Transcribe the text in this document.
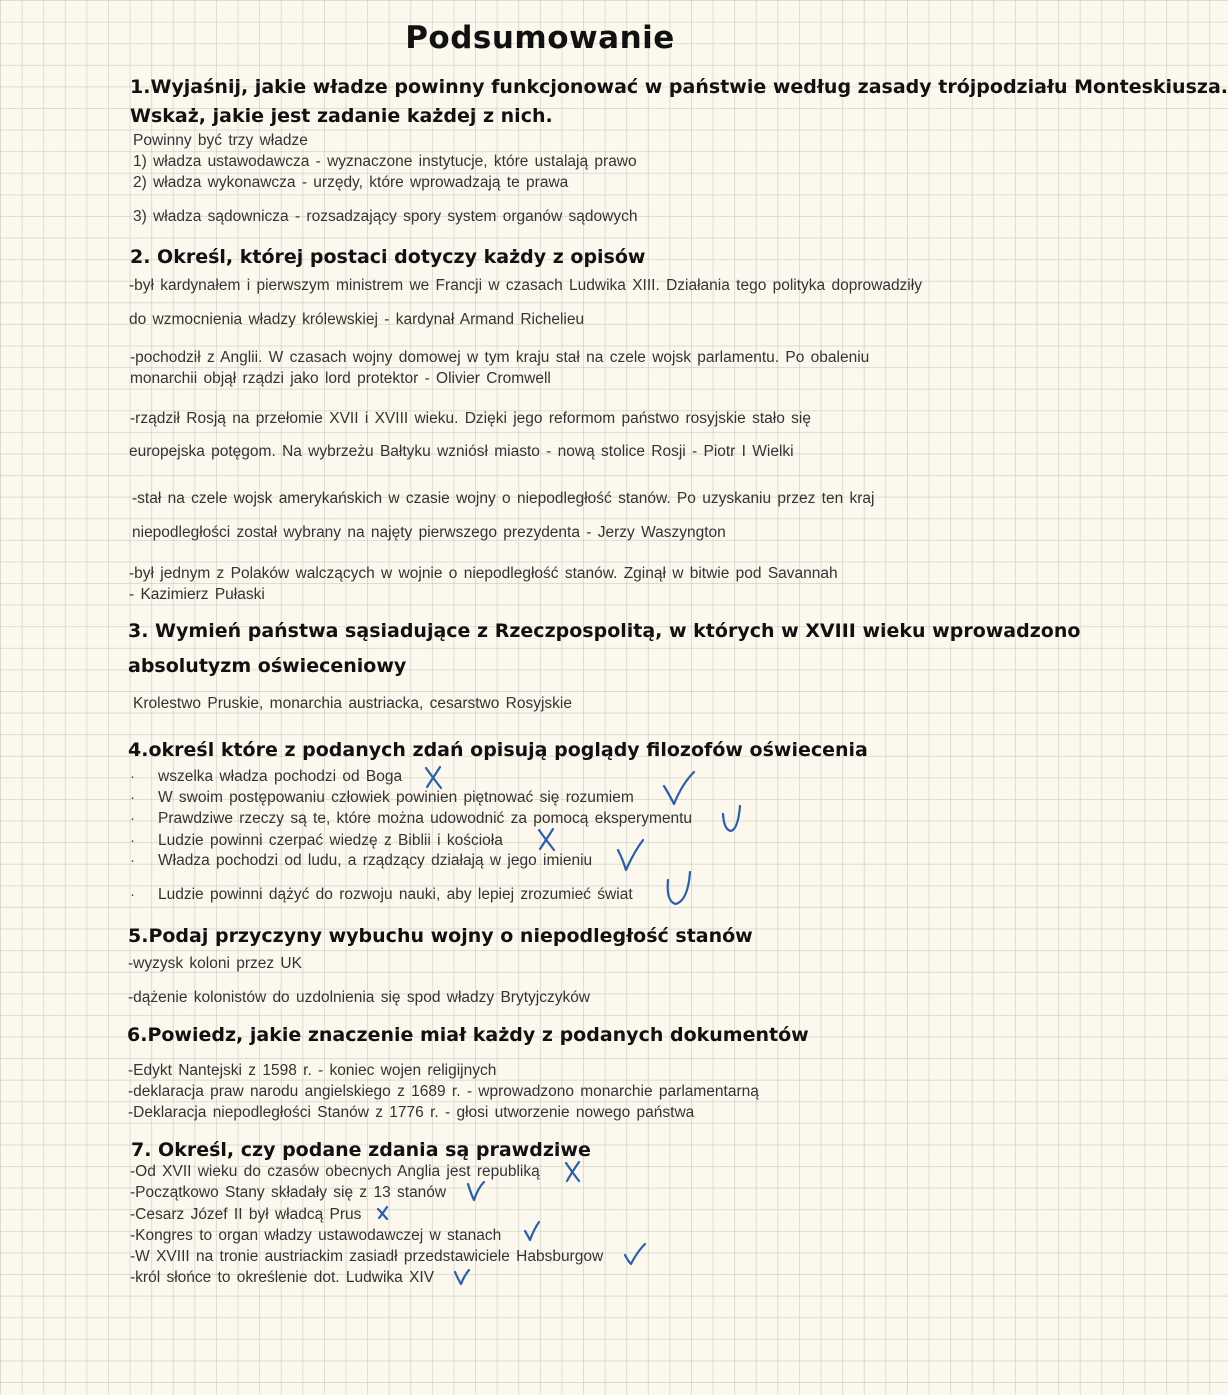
Podsumowanie
1.Wyjaśnij, jakie władze powinny funkcjonować w państwie według zasady trójpodziału Monteskiusza.
Wskaż, jakie jest zadanie każdej z nich.
Powinny być trzy władze
1) władza ustawodawcza - wyznaczone instytucje, które ustalają prawo
2) władza wykonawcza - urzędy, które wprowadzają te prawa
3) władza sądownicza - rozsadzający spory system organów sądowych
2. Określ, której postaci dotyczy każdy z opisów
-był kardynałem i pierwszym ministrem we Francji w czasach Ludwika XIII. Działania tego polityka doprowadziły
do wzmocnienia władzy królewskiej - kardynał Armand Richelieu
-pochodził z Anglii. W czasach wojny domowej w tym kraju stał na czele wojsk parlamentu. Po obaleniu
monarchii objął rządzi jako lord protektor - Olivier Cromwell
-rządził Rosją na przełomie XVII i XVIII wieku. Dzięki jego reformom państwo rosyjskie stało się
europejska potęgom. Na wybrzeżu Bałtyku wzniósł miasto - nową stolice Rosji - Piotr I Wielki
-stał na czele wojsk amerykańskich w czasie wojny o niepodległość stanów. Po uzyskaniu przez ten kraj
niepodległości został wybrany na najęty pierwszego prezydenta - Jerzy Waszyngton
-był jednym z Polaków walczących w wojnie o niepodległość stanów. Zginął w bitwie pod Savannah
- Kazimierz Pułaski
3. Wymień państwa sąsiadujące z Rzeczpospolitą, w których w XVIII wieku wprowadzono
absolutyzm oświeceniowy
Krolestwo Pruskie, monarchia austriacka, cesarstwo Rosyjskie
4.określ które z podanych zdań opisują poglądy filozofów oświecenia
· wszelka władza pochodzi od Boga
· W swoim postępowaniu człowiek powinien piętnować się rozumiem
· Prawdziwe rzeczy są te, które można udowodnić za pomocą eksperymentu
· Ludzie powinni czerpać wiedzę z Biblii i kościoła
· Władza pochodzi od ludu, a rządzący działają w jego imieniu
· Ludzie powinni dążyć do rozwoju nauki, aby lepiej zrozumieć świat
5.Podaj przyczyny wybuchu wojny o niepodległość stanów
-wyzysk koloni przez UK
-dążenie kolonistów do uzdolnienia się spod władzy Brytyjczyków
6.Powiedz, jakie znaczenie miał każdy z podanych dokumentów
-Edykt Nantejski z 1598 r. - koniec wojen religijnych
-deklaracja praw narodu angielskiego z 1689 r. - wprowadzono monarchie parlamentarną
-Deklaracja niepodległości Stanów z 1776 r. - głosi utworzenie nowego państwa
7. Określ, czy podane zdania są prawdziwe
-Od XVII wieku do czasów obecnych Anglia jest republiką
-Początkowo Stany składały się z 13 stanów
-Cesarz Józef II był władcą Prus
-Kongres to organ władzy ustawodawczej w stanach
-W XVIII na tronie austriackim zasiadł przedstawiciele Habsburgow
-król słońce to określenie dot. Ludwika XIV
